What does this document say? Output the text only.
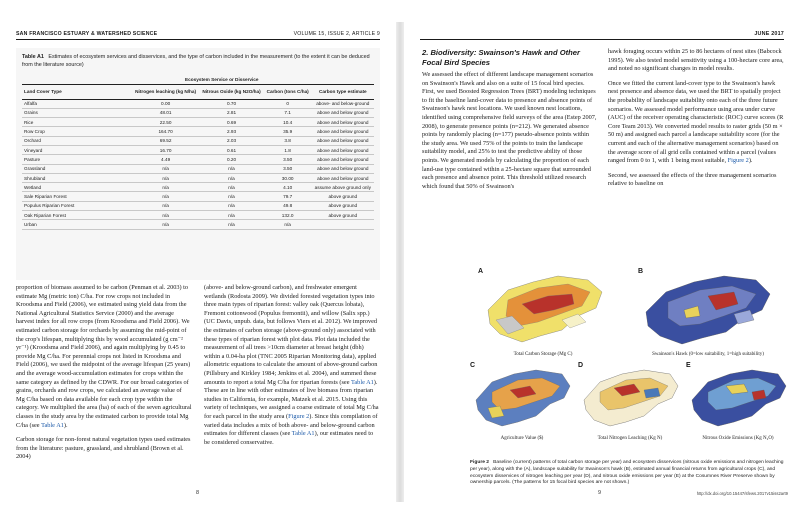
SAN FRANCISCO ESTUARY & WATERSHED SCIENCE	VOLUME 15, ISSUE 2, ARTICLE 9
Table A1 Estimates of ecosystem services and disservices, and the type of carbon included in the measurement (to the extent it can be deduced from the literature source)
	Ecosystem Service or Disservice			
Land Cover Type	Nitrogen leaching (kg N/ha)	Nitrous Oxide (kg N2O/ha)	Carbon (tons C/ha)	Carbon type estimate
Alfalfa	0.00	0.70	0	above- and below-ground
Grains	48.01	2.81	7.1	above and below ground
Rice	22.50	0.69	10.4	above and below ground
Row Crop	164.70	2.93	35.9	above and below ground
Orchard	69.52	2.03	3.8	above and below ground
Vineyard	16.70	0.61	1.8	above and below ground
Pasture	4.49	0.20	3.50	above and below ground
Grassland	n/a	n/a	3.50	above and below ground
Shrubland	n/a	n/a	30.00	above and below ground
Wetland	n/a	n/a	4.10	assume above ground only
Sale Riparian Forest	n/a	n/a	79.7	above ground
Populus Riparian Forest	n/a	n/a	49.8	above ground
Oak Riparian Forest	n/a	n/a	132.0	above ground
Urban	n/a	n/a	n/a	

proportion of biomass assumed to be carbon (Penman et al. 2003) to estimate Mg (metric ton) C/ha. For row crops not included in Kroodsma and Field (2006), we estimated using yield data from the National Agricultural Statistics Service (2000) and the average harvest index for all row crops (from Kroodsma and Field 2006). We estimated carbon storage for orchards by assuming the mid-point of the crop's lifespan, multiplying this by wood accumulated (g cm⁻² yr⁻¹) (Kroodsma and Field 2006), and again multiplying by 0.45 to provide Mg C/ha. For perennial crops not listed in Kroodsma and Field (2006), we used the midpoint of the average lifespan (25 years) and the average wood-accumulation estimates for crops within the same category as defined by the CDWR. For our broad categories of grains, orchards and row crops, we calculated an average value of Mg C/ha based on data available for each crop type within the category. We multiplied the area (ha) of each of the seven agricultural classes in the study area by the estimated carbon to provide total Mg C/ha (see Table A1).

Carbon storage for non-forest natural vegetation types used estimates from the literature: pasture, grassland, and shrubland (Brown et al. 2004)

(above- and below-ground carbon), and freshwater emergent wetlands (Rodosta 2009). We divided forested vegetation types into three main types of riparian forest: valley oak (Quercus lobata), Fremont cottonwood (Populus fremontii), and willow (Salix spp.) (UC Davis, unpub. data, but follows Viers et al. 2012). We improved the estimates of carbon storage (above-ground only) associated with these types of riparian forest with plot data. Plot data included the measurement of all trees >10cm diameter at breast height (dbh) within a 0.04-ha plot (TNC 2005 Riparian Monitoring data), applied allometric equations to calculate the amount of above-ground carbon (Pillsbury and Kirkley 1984; Jenkins et al. 2004), and summed these amounts to report a total Mg C/ha for riparian forests (see Table A1). These are in line with other estimates of live biomass from riparian studies in California, for example, Matzek et al. 2015. Using this variety of techniques, we assigned a coarse estimate of total Mg C/ha for each parcel in the study area (Figure 2). Since this compilation of varied data includes a mix of both above- and below-ground carbon estimates for different classes (see Table A1), our estimates need to be considered conservative.

8
JUNE 2017
2. Biodiversity: Swainson's Hawk and Other Focal Bird Species

We assessed the effect of different landscape management scenarios on Swainson's Hawk and also on a suite of 15 focal bird species. First, we used Boosted Regression Trees (BRT) modeling techniques to fit the baseline land-cover data to presence and absence points of Swainson's hawk nest locations. We used known nest locations, identified using comprehensive field surveys of the area (Estep 2007, 2008), to generate presence points (n=212). We generated absence points by randomly placing (n=177) pseudo-absence points within the study area. We used 75% of the points to train the landscape suitability model, and 25% to test the predictive ability of those points. We generated models by calculating the proportion of each land-use type contained within a 25-hectare square that surrounded each presence and absence point. This threshold utilized research which found that 50% of Swainson's

hawk foraging occurs within 25 to 86 hectares of nest sites (Babcock 1995). We also tested model sensitivity using a 100-hectare core area, and noted no significant changes in model results.

Once we fitted the current land-cover type to the Swainson's hawk nest presence and absence data, we used the BRT to spatially project the probability of landscape suitability onto each of the three future scenarios. We assessed model performance using area under curve (AUC) of the receiver operating characteristic (ROC) curve scores (R Core Team 2013). We converted model results to raster grids (50 m × 50 m) and assigned each parcel a landscape suitability score (for the current and each of the alternative management scenarios) based on the average score of all grid cells contained within a parcel (values ranged from 0 to 1, with 1 being most suitable, Figure 2).

Second, we assessed the effects of the three management scenarios relative to baseline on

A
Total Carbon Storage (Mg C)
B
Swainson's Hawk (0=low suitability, 1=high suitability)
C
Agriculture Value ($)
D
Total Nitrogen Leaching (Kg N)
E
Nitrous Oxide Emissions (Kg N₂O)
Figure 2 Baseline (current) patterns of total carbon storage per year) and ecosystem disservices (nitrous oxide emissions and nitrogen leaching per year), along with the (A), landscape suitability for Swainson's hawk (B), estimated annual financial returns from agricultural crops (C), and ecosystem disservices of nitrogen leaching per year (D), and nitrous oxide emissions per year (E) at the Cosumnes River Preserve shown by ownership parcels. (The patterns for 15 focal bird species are not shown.)
9	http://dx.doi.org/10.15447/sfews.2017v15iss2art9
